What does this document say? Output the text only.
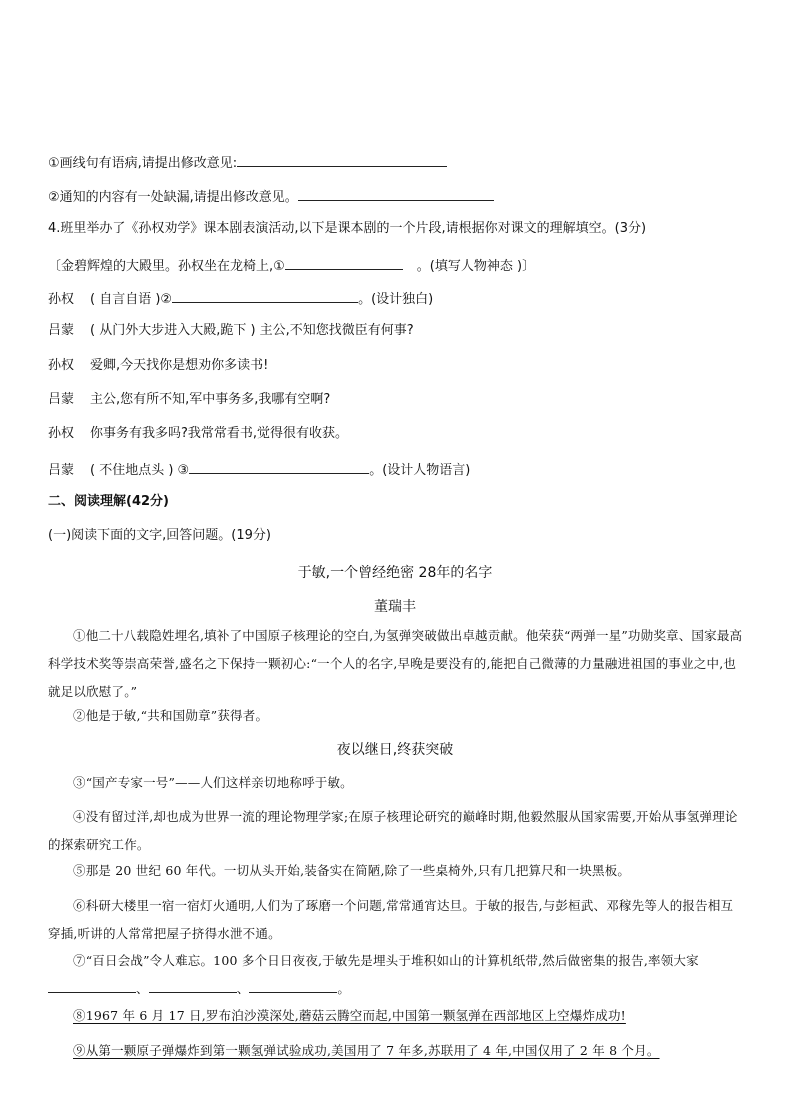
①画线句有语病,请提出修改意见:
②通知的内容有一处缺漏,请提出修改意见。
4.班里举办了《孙权劝学》课本剧表演活动,以下是课本剧的一个片段,请根据你对课文的理解填空。(3分)
〔金碧辉煌的大殿里。孙权坐在龙椅上,①	。(填写人物神态 )〕
孙权 ( 自言自语 )②	。(设计独白)
吕蒙 ( 从门外大步进入大殿,跪下 ) 主公,不知您找微臣有何事?
孙权 爱卿,今天找你是想劝你多读书!
吕蒙 主公,您有所不知,军中事务多,我哪有空啊?
孙权 你事务有我多吗?我常常看书,觉得很有收获。
吕蒙 ( 不住地点头 ) ③	。(设计人物语言)
二、阅读理解(42分)
(一)阅读下面的文字,回答问题。(19分)
于敏,一个曾经绝密 28年的名字
董瑞丰
①他二十八载隐姓埋名,填补了中国原子核理论的空白,为氢弹突破做出卓越贡献。他荣获“两弹一星”功勋奖章、国家最高科学技术奖等崇高荣誉,盛名之下保持一颗初心:“一个人的名字,早晚是要没有的,能把自己微薄的力量融进祖国的事业之中,也就足以欣慰了。”
②他是于敏,“共和国勋章”获得者。
夜以继日,终获突破
③“国产专家一号”——人们这样亲切地称呼于敏。
④没有留过洋,却也成为世界一流的理论物理学家;在原子核理论研究的巅峰时期,他毅然服从国家需要,开始从事氢弹理论的探索研究工作。
⑤那是 20 世纪 60 年代。一切从头开始,装备实在简陋,除了一些桌椅外,只有几把算尺和一块黑板。
⑥科研大楼里一宿一宿灯火通明,人们为了琢磨一个问题,常常通宵达旦。于敏的报告,与彭桓武、邓稼先等人的报告相互穿插,听讲的人常常把屋子挤得水泄不通。
⑦“百日会战”令人难忘。100 多个日日夜夜,于敏先是埋头于堆积如山的计算机纸带,然后做密集的报告,率领大家、	、	。
⑧1967 年 6 月 17 日,罗布泊沙漠深处,蘑菇云腾空而起,中国第一颗氢弹在西部地区上空爆炸成功!
⑨从第一颗原子弹爆炸到第一颗氢弹试验成功,美国用了 7 年多,苏联用了 4 年,中国仅用了 2 年 8 个月。
